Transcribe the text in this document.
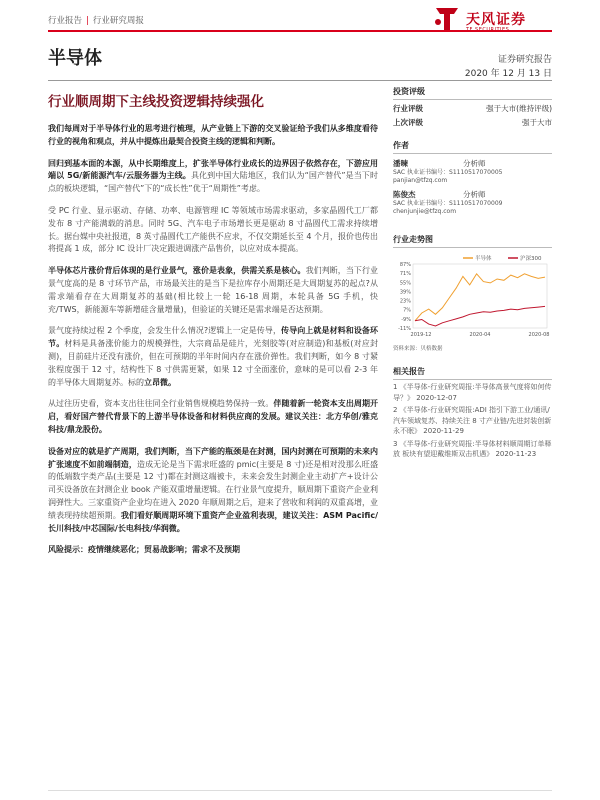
行业报告 | 行业研究周报	天风证券
半导体	证券研究报告
2020 年 12 月 13 日
行业顺周期下主线投资逻辑持续强化

我们每周对于半导体行业的思考进行梳理，从产业链上下游的交叉验证给予我们从多维度看待行业的视角和观点，并从中提炼出最契合投资主线的逻辑和判断。

回归到基本面的本源，从中长期维度上，扩张半导体行业成长的边界因子依然存在，下游应用端以 5G/新能源汽车/云服务器为主线。具化到中国大陆地区，我们认为“国产替代”是当下时点的板块逻辑，“国产替代”下的“成长性”优于“周期性”考虑。

受 PC 行业、显示驱动、存储、功率、电源管理 IC 等领域市场需求驱动，多家晶圆代工厂都发布 8 寸产能满载的消息。同时 5G、汽车电子市场增长更是驱动 8 寸晶圆代工需求持续增长。据台媒中央社报道，8 英寸晶圆代工产能供不应求，不仅交期延长至 4 个月，报价也传出将提高 1 成，部分 IC 设计厂决定跟进调涨产品售价，以应对成本提高。

半导体芯片涨价背后体现的是行业景气，涨价是表象，供需关系是核心。我们判断，当下行业景气度高的是 8 寸环节产品，市场最关注的是当下是拉库存小周期还是大周期复苏的起点?从需求端看存在大周期复苏的基础(相比较上一轮 16-18 周期，本轮具备 5G 手机，快充/TWS，新能源车等新增硅含量增量)，但验证的关键还是需求端是否达预期。

景气度持续过程 2 个季度，会发生什么情况?逻辑上一定是传导，传导向上就是材料和设备环节。材料是具备涨价能力的规模弹性，大宗商品是硅片，光刻胶等(对应制造)和基板(对应封测)，目前硅片还没有涨价，但在可预期的半年时间内存在涨价弹性。我们判断，如今 8 寸紧张程度强于 12 寸，结构性下 8 寸供需更紧，如果 12 寸全面涨价，意味的是可以看 2-3 年的半导体大周期复苏。标的立昂微。

从过往历史看，资本支出往往同全行业销售规模趋势保持一致。伴随着新一轮资本支出周期开启，看好国产替代背景下的上游半导体设备和材料供应商的发展。建议关注：北方华创/雅克科技/鼎龙股份。

设备对应的就是扩产周期，我们判断，当下产能的瓶颈是在封测，国内封测在可预期的未来内扩张速度不如前端制造，造成无论是当下需求旺盛的 pmic(主要是 8 寸)还是相对没那么旺盛的低端数字类产品(主要是 12 寸)都在封测这端被卡，未来会发生封测企业主动扩产+设计公司买设备放在封测企业 book 产能双重增量逻辑。在行业景气度提升，顺周期下重资产企业利润弹性大。三家重资产企业均在进入 2020 年顺周期之后，迎来了营收和利润的双重高增，业绩表现持续超预期。我们看好顺周期环境下重资产企业盈利表现，建议关注：ASM Pacific/长川科技/中芯国际/长电科技/华润微。

风险提示：疫情继续恶化；贸易战影响；需求不及预期

投资评级
行业评级	强于大市(维持评级)
上次评级	强于大市
作者
潘暕	分析师
SAC 执业证书编号：S1110517070005
panjian@tfzq.com
陈俊杰	分析师
SAC 执业证书编号：S1110517070009
chenjunjie@tfzq.com
行业走势图
87%
71%
55%
39%
23%
7%
-9%
-11%
2019-12	2020-04	2020-08
半导体	沪深300
资料来源：贝格数据
相关报告
1 《半导体-行业研究周报:半导体高景气度将如何传导？》 2020-12-07
2 《半导体-行业研究周报:ADI 指引下游工业/通讯/汽车领域复苏、持续关注 8 寸产业链/先进封装创新永不眠》 2020-11-29
3 《半导体-行业研究周报:半导体材料顺周期订单释放 板块有望迎戴维斯双击机遇》 2020-11-23
